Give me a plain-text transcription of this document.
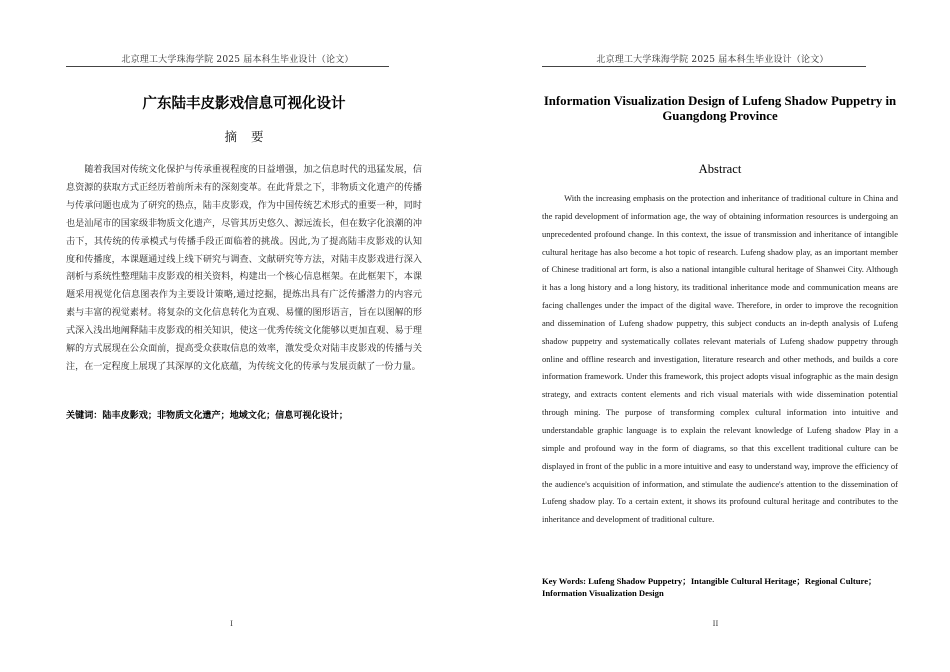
北京理工大学珠海学院 2025 届本科生毕业设计（论文）
广东陆丰皮影戏信息可视化设计
摘要

随着我国对传统文化保护与传承重视程度的日益增强，加之信息时代的迅猛发展，信息资源的获取方式正经历着前所未有的深刻变革。在此背景之下，非物质文化遗产的传播与传承问题也成为了研究的热点，陆丰皮影戏，作为中国传统艺术形式的重要一种，同时也是汕尾市的国家级非物质文化遗产，尽管其历史悠久、源远流长，但在数字化浪潮的冲击下，其传统的传承模式与传播手段正面临着的挑战。因此,为了提高陆丰皮影戏的认知度和传播度，本课题通过线上线下研究与调查、文献研究等方法，对陆丰皮影戏进行深入剖析与系统性整理陆丰皮影戏的相关资料，构建出一个核心信息框架。在此框架下，本课题采用视觉化信息图表作为主要设计策略,通过挖掘，提炼出具有广泛传播潜力的内容元素与丰富的视觉素材。将复杂的文化信息转化为直观、易懂的图形语言，旨在以图解的形式深入浅出地阐释陆丰皮影戏的相关知识，使这一优秀传统文化能够以更加直观、易于理解的方式展现在公众面前，提高受众获取信息的效率，激发受众对陆丰皮影戏的传播与关注，在一定程度上展现了其深厚的文化底蕴，为传统文化的传承与发展贡献了一份力量。

关键词：陆丰皮影戏；非物质文化遗产；地域文化；信息可视化设计；
I
北京理工大学珠海学院 2025 届本科生毕业设计（论文）
Information Visualization Design of Lufeng Shadow Puppetry in Guangdong Province
Abstract

With the increasing emphasis on the protection and inheritance of traditional culture in China and the rapid development of information age, the way of obtaining information resources is undergoing an unprecedented profound change. In this context, the issue of transmission and inheritance of intangible cultural heritage has also become a hot topic of research. Lufeng shadow play, as an important member of Chinese traditional art form, is also a national intangible cultural heritage of Shanwei City. Although it has a long history and a long history, its traditional inheritance mode and communication means are facing challenges under the impact of the digital wave. Therefore, in order to improve the recognition and dissemination of Lufeng shadow puppetry, this subject conducts an in-depth analysis of Lufeng shadow puppetry and systematically collates relevant materials of Lufeng shadow puppetry through online and offline research and investigation, literature research and other methods, and builds a core information framework. Under this framework, this project adopts visual infographic as the main design strategy, and extracts content elements and rich visual materials with wide dissemination potential through mining. The purpose of transforming complex cultural information into intuitive and understandable graphic language is to explain the relevant knowledge of Lufeng shadow Play in a simple and profound way in the form of diagrams, so that this excellent traditional culture can be displayed in front of the public in a more intuitive and easy to understand way, improve the efficiency of the audience's acquisition of information, and stimulate the audience's attention to the dissemination of Lufeng shadow play. To a certain extent, it shows its profound cultural heritage and contributes to the inheritance and development of traditional culture.

Key Words: Lufeng Shadow Puppetry；Intangible Cultural Heritage；Regional Culture；Information Visualization Design
II
